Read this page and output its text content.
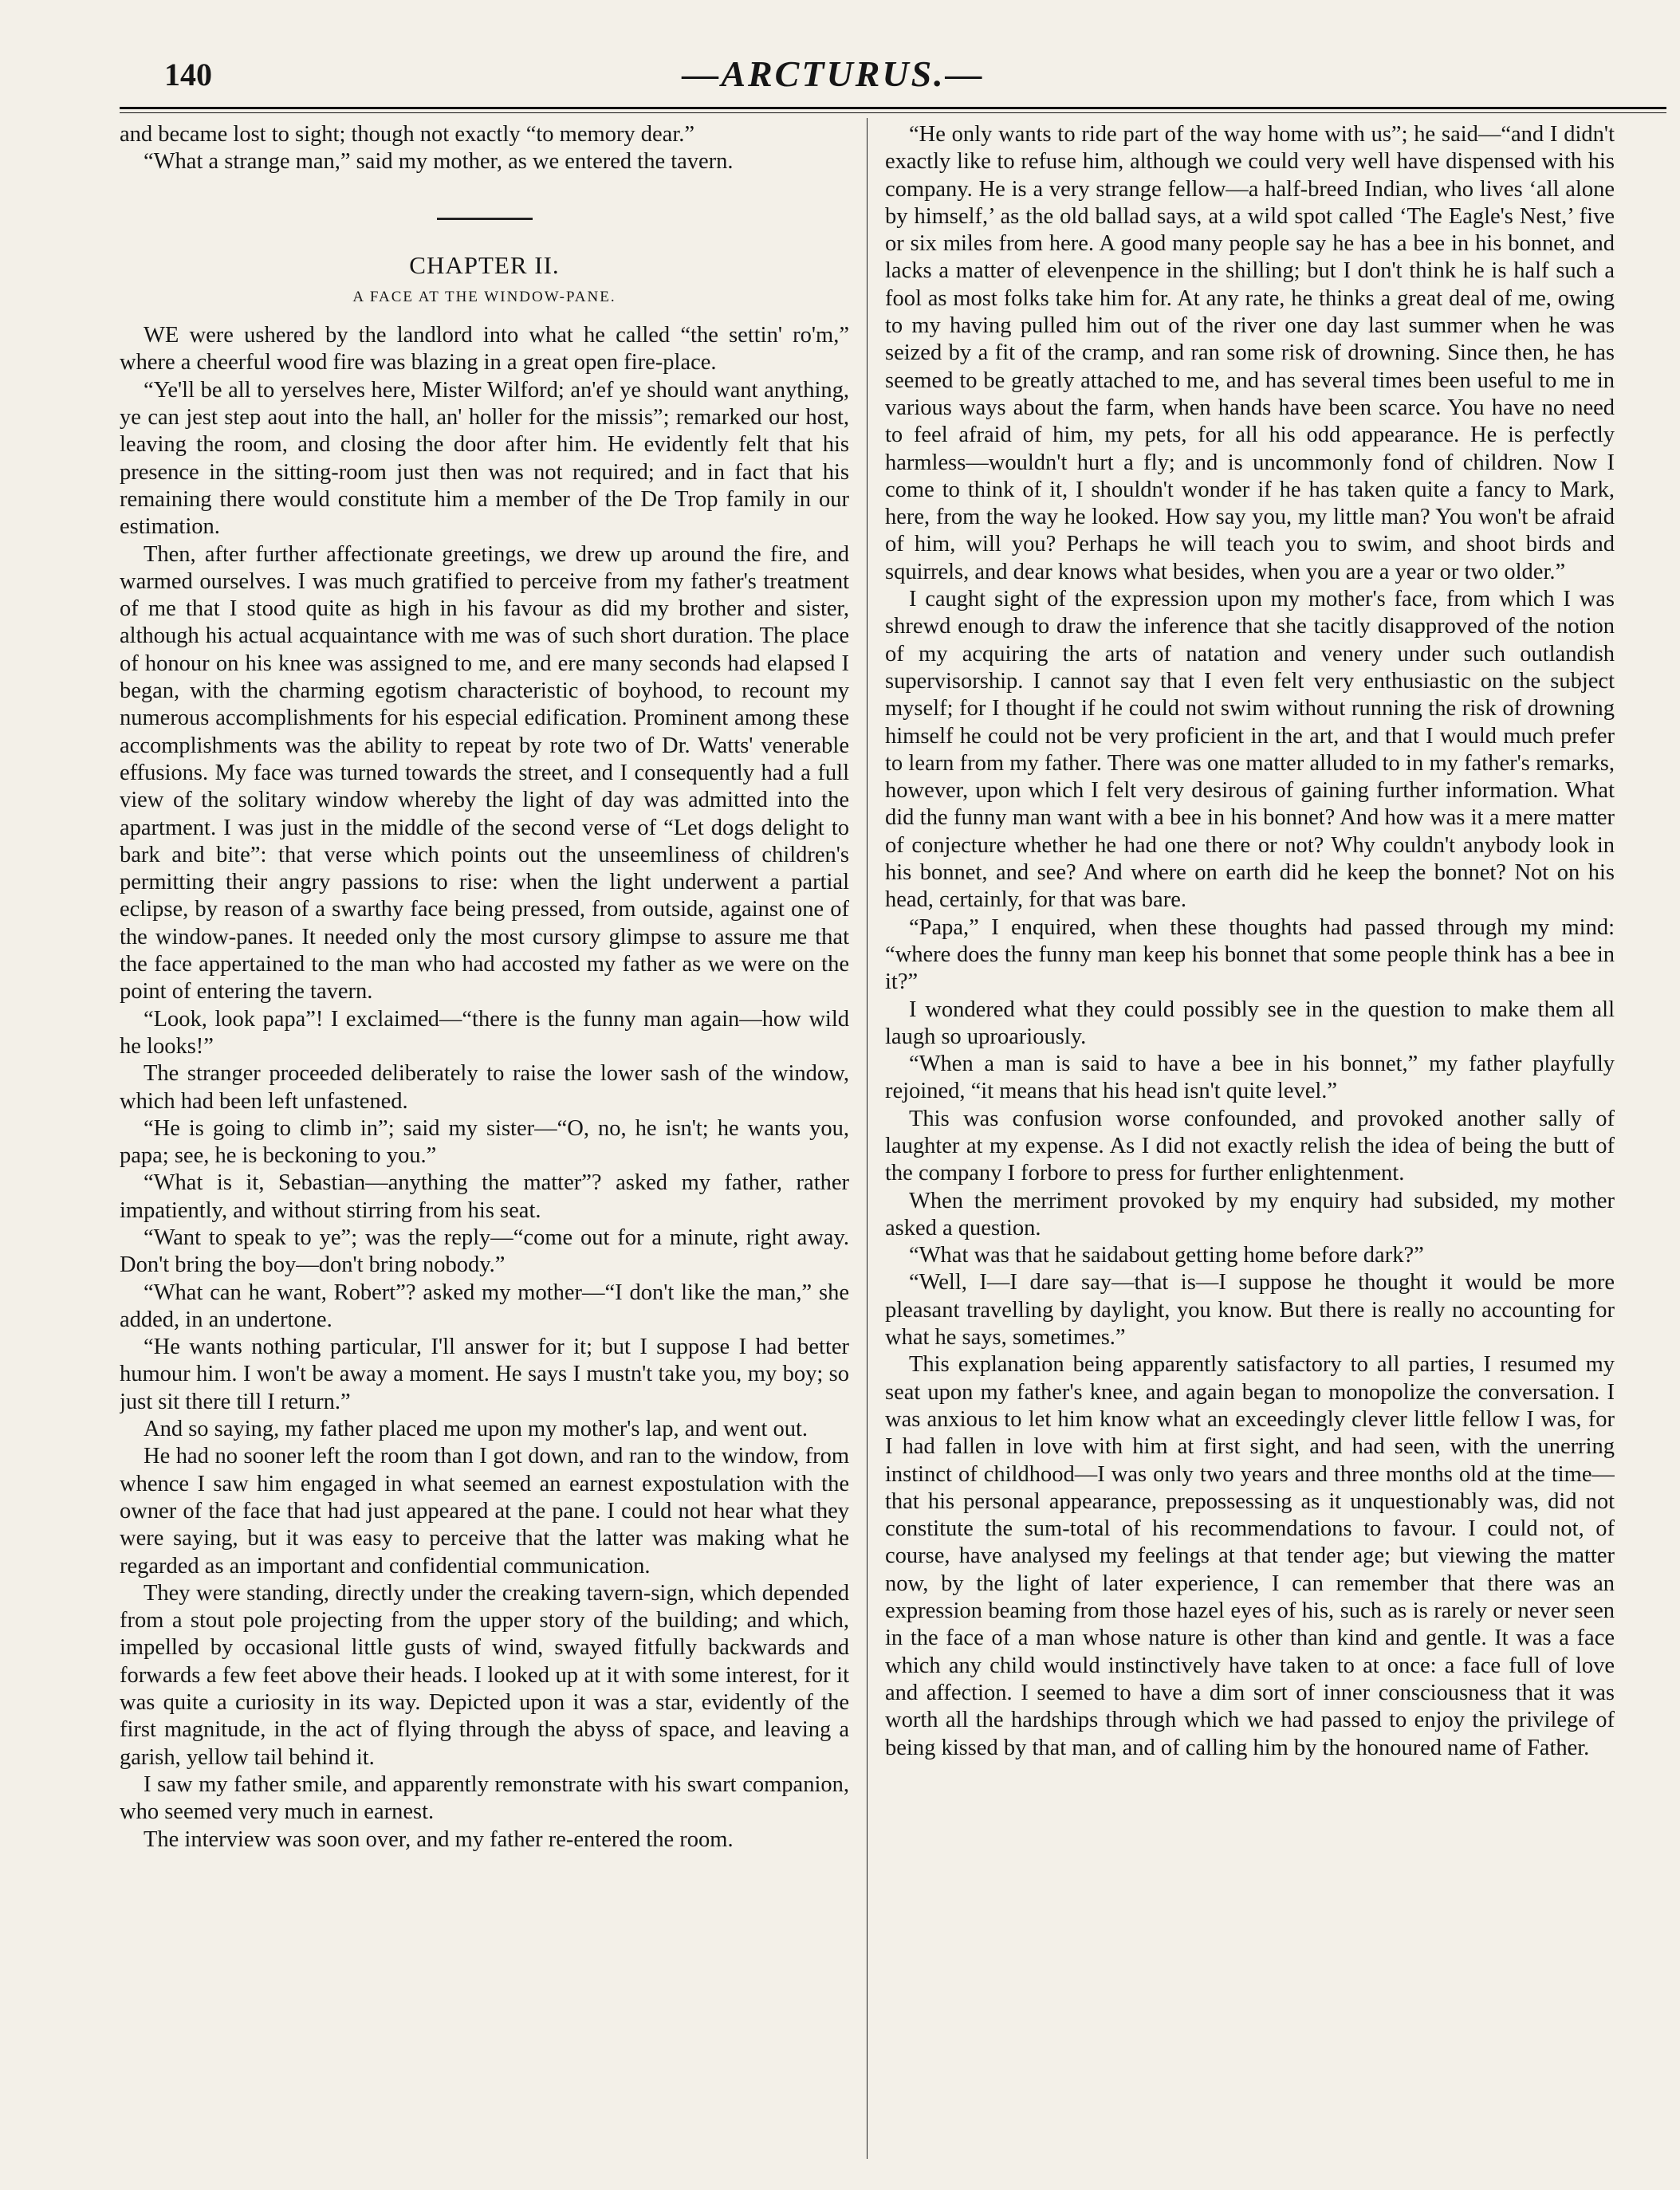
140	—ARCTURUS.—

and became lost to sight; though not exactly “to memory dear.”

“What a strange man,” said my mother, as we entered the tavern.

CHAPTER II.
A FACE AT THE WINDOW-PANE.

WE were ushered by the landlord into what he called “the settin' ro'm,” where a cheerful wood fire was blazing in a great open fire-place.

“Ye'll be all to yerselves here, Mister Wilford; an'ef ye should want anything, ye can jest step aout into the hall, an' holler for the missis”; remarked our host, leaving the room, and closing the door after him. He evidently felt that his presence in the sitting-room just then was not required; and in fact that his remaining there would constitute him a member of the De Trop family in our estimation.

Then, after further affectionate greetings, we drew up around the fire, and warmed ourselves. I was much gratified to perceive from my father's treatment of me that I stood quite as high in his favour as did my brother and sister, although his actual acquaintance with me was of such short duration. The place of honour on his knee was assigned to me, and ere many seconds had elapsed I began, with the charming egotism characteristic of boyhood, to recount my numerous accomplishments for his especial edification. Prominent among these accomplishments was the ability to repeat by rote two of Dr. Watts' venerable effusions. My face was turned towards the street, and I consequently had a full view of the solitary window whereby the light of day was admitted into the apartment. I was just in the middle of the second verse of “Let dogs delight to bark and bite”: that verse which points out the unseemliness of children's permitting their angry passions to rise: when the light underwent a partial eclipse, by reason of a swarthy face being pressed, from outside, against one of the window-panes. It needed only the most cursory glimpse to assure me that the face appertained to the man who had accosted my father as we were on the point of entering the tavern.

“Look, look papa”! I exclaimed—“there is the funny man again—how wild he looks!”

The stranger proceeded deliberately to raise the lower sash of the window, which had been left unfastened.

“He is going to climb in”; said my sister—“O, no, he isn't; he wants you, papa; see, he is beckoning to you.”

“What is it, Sebastian—anything the matter”? asked my father, rather impatiently, and without stirring from his seat.

“Want to speak to ye”; was the reply—“come out for a minute, right away. Don't bring the boy—don't bring nobody.”

“What can he want, Robert”? asked my mother—“I don't like the man,” she added, in an undertone.

“He wants nothing particular, I'll answer for it; but I suppose I had better humour him. I won't be away a moment. He says I mustn't take you, my boy; so just sit there till I return.”

And so saying, my father placed me upon my mother's lap, and went out.

He had no sooner left the room than I got down, and ran to the window, from whence I saw him engaged in what seemed an earnest expostulation with the owner of the face that had just appeared at the pane. I could not hear what they were saying, but it was easy to perceive that the latter was making what he regarded as an important and confidential communication.

They were standing, directly under the creaking tavern-sign, which depended from a stout pole projecting from the upper story of the building; and which, impelled by occasional little gusts of wind, swayed fitfully backwards and forwards a few feet above their heads. I looked up at it with some interest, for it was quite a curiosity in its way. Depicted upon it was a star, evidently of the first magnitude, in the act of flying through the abyss of space, and leaving a garish, yellow tail behind it.

I saw my father smile, and apparently remonstrate with his swart companion, who seemed very much in earnest.

The interview was soon over, and my father re-entered the room.

“He only wants to ride part of the way home with us”; he said—“and I didn't exactly like to refuse him, although we could very well have dispensed with his company. He is a very strange fellow—a half-breed Indian, who lives ‘all alone by himself,’ as the old ballad says, at a wild spot called ‘The Eagle's Nest,’ five or six miles from here. A good many people say he has a bee in his bonnet, and lacks a matter of elevenpence in the shilling; but I don't think he is half such a fool as most folks take him for. At any rate, he thinks a great deal of me, owing to my having pulled him out of the river one day last summer when he was seized by a fit of the cramp, and ran some risk of drowning. Since then, he has seemed to be greatly attached to me, and has several times been useful to me in various ways about the farm, when hands have been scarce. You have no need to feel afraid of him, my pets, for all his odd appearance. He is perfectly harmless—wouldn't hurt a fly; and is uncommonly fond of children. Now I come to think of it, I shouldn't wonder if he has taken quite a fancy to Mark, here, from the way he looked. How say you, my little man? You won't be afraid of him, will you? Perhaps he will teach you to swim, and shoot birds and squirrels, and dear knows what besides, when you are a year or two older.”

I caught sight of the expression upon my mother's face, from which I was shrewd enough to draw the inference that she tacitly disapproved of the notion of my acquiring the arts of natation and venery under such outlandish supervisorship. I cannot say that I even felt very enthusiastic on the subject myself; for I thought if he could not swim without running the risk of drowning himself he could not be very proficient in the art, and that I would much prefer to learn from my father. There was one matter alluded to in my father's remarks, however, upon which I felt very desirous of gaining further information. What did the funny man want with a bee in his bonnet? And how was it a mere matter of conjecture whether he had one there or not? Why couldn't anybody look in his bonnet, and see? And where on earth did he keep the bonnet? Not on his head, certainly, for that was bare.

“Papa,” I enquired, when these thoughts had passed through my mind: “where does the funny man keep his bonnet that some people think has a bee in it?”

I wondered what they could possibly see in the question to make them all laugh so uproariously.

“When a man is said to have a bee in his bonnet,” my father playfully rejoined, “it means that his head isn't quite level.”

This was confusion worse confounded, and provoked another sally of laughter at my expense. As I did not exactly relish the idea of being the butt of the company I forbore to press for further enlightenment.

When the merriment provoked by my enquiry had subsided, my mother asked a question.

“What was that he saidabout getting home before dark?”

“Well, I—I dare say—that is—I suppose he thought it would be more pleasant travelling by daylight, you know. But there is really no accounting for what he says, sometimes.”

This explanation being apparently satisfactory to all parties, I resumed my seat upon my father's knee, and again began to monopolize the conversation. I was anxious to let him know what an exceedingly clever little fellow I was, for I had fallen in love with him at first sight, and had seen, with the unerring instinct of childhood—I was only two years and three months old at the time—that his personal appearance, prepossessing as it unquestionably was, did not constitute the sum-total of his recommendations to favour. I could not, of course, have analysed my feelings at that tender age; but viewing the matter now, by the light of later experience, I can remember that there was an expression beaming from those hazel eyes of his, such as is rarely or never seen in the face of a man whose nature is other than kind and gentle. It was a face which any child would instinctively have taken to at once: a face full of love and affection. I seemed to have a dim sort of inner consciousness that it was worth all the hardships through which we had passed to enjoy the privilege of being kissed by that man, and of calling him by the honoured name of Father.
